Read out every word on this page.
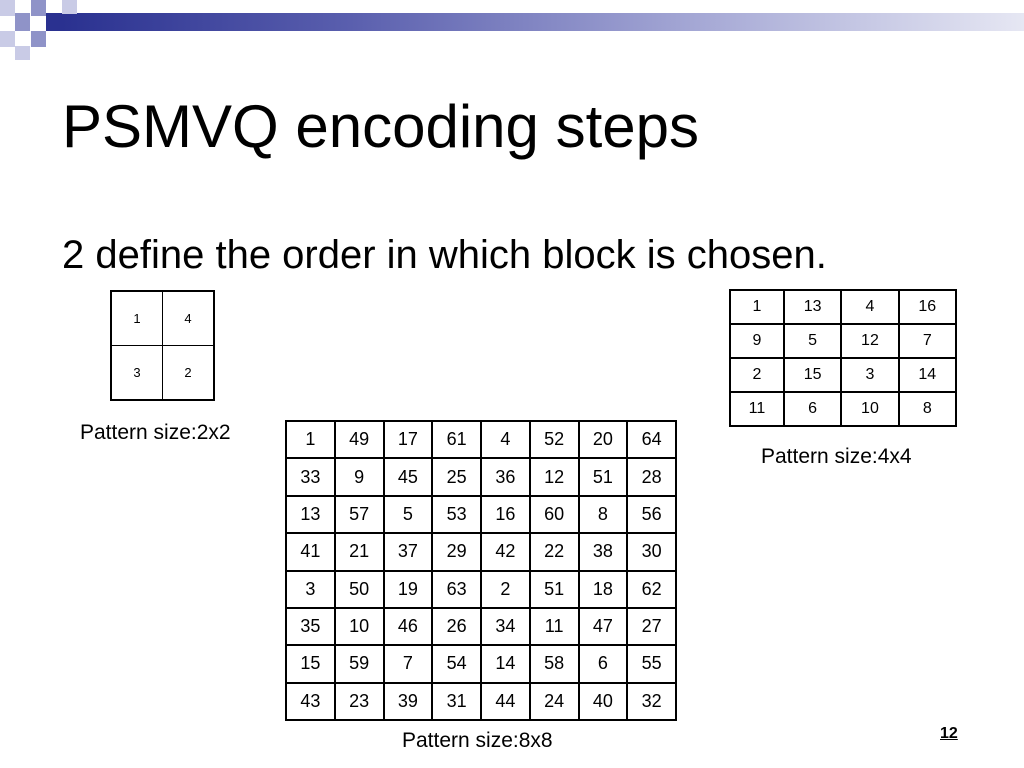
PSMVQ encoding steps
2 define the order in which block is chosen.
1	4
3	2

Pattern size:2x2

1	13	4	16
9	5	12	7
2	15	3	14
11	6	10	8

Pattern size:4x4

1	49	17	61	4	52	20	64
33	9	45	25	36	12	51	28
13	57	5	53	16	60	8	56
41	21	37	29	42	22	38	30
3	50	19	63	2	51	18	62
35	10	46	26	34	11	47	27
15	59	7	54	14	58	6	55
43	23	39	31	44	24	40	32

Pattern size:8x8	12
